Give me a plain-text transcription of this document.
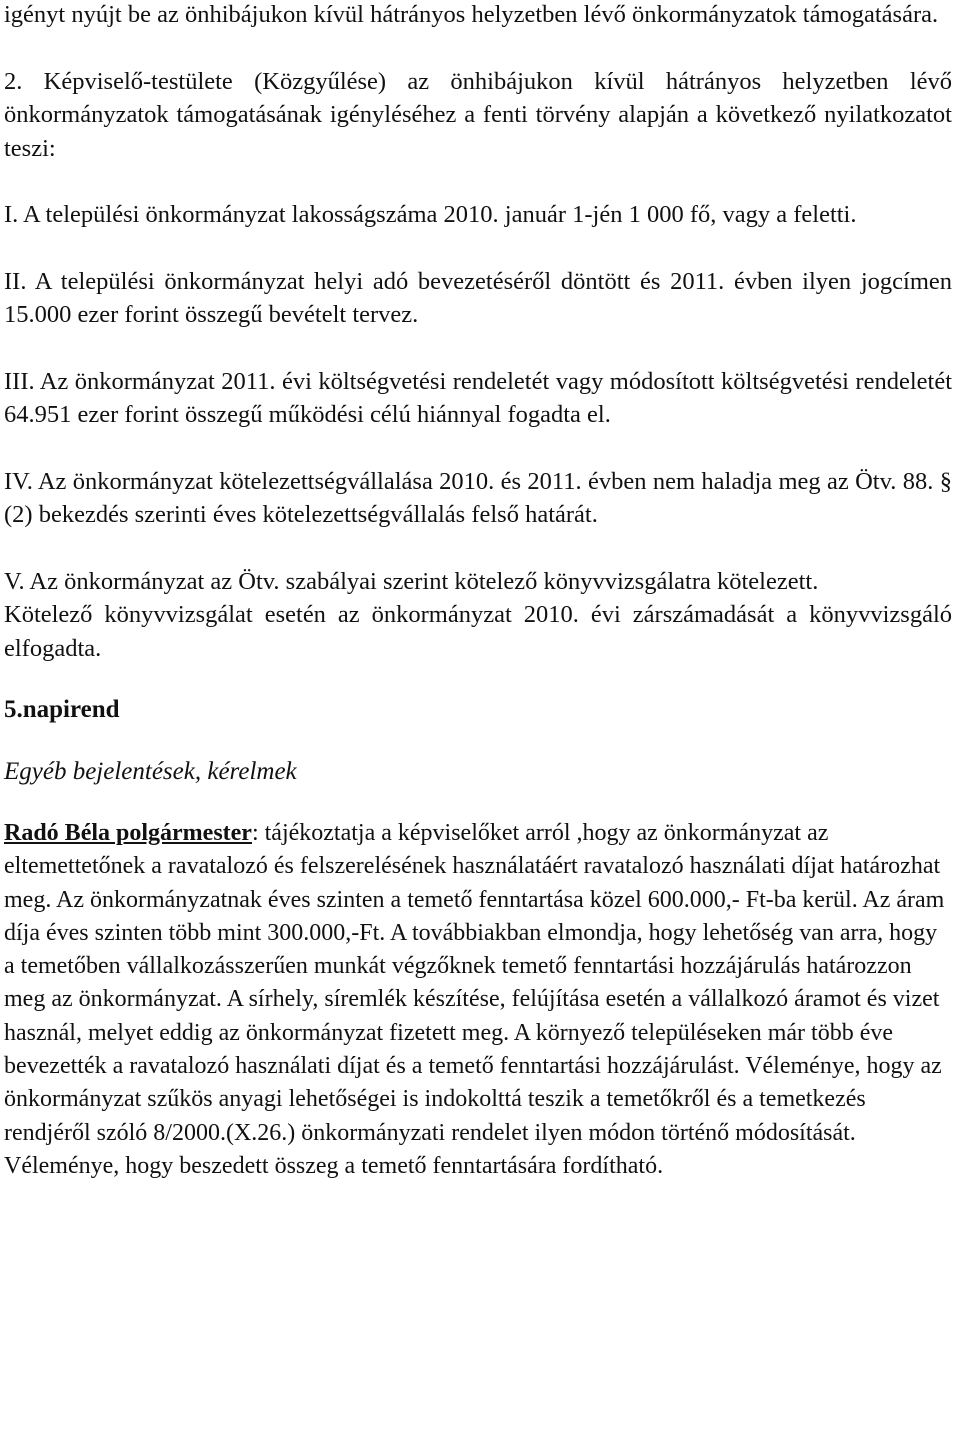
igényt nyújt be az önhibájukon kívül hátrányos helyzetben lévő önkormányzatok támogatására.

2. Képviselő-testülete (Közgyűlése) az önhibájukon kívül hátrányos helyzetben lévő önkormányzatok támogatásának igényléséhez a fenti törvény alapján a következő nyilatkozatot teszi:

I. A települési önkormányzat lakosságszáma 2010. január 1-jén 1 000 fő, vagy a feletti.

II. A települési önkormányzat helyi adó bevezetéséről döntött és 2011. évben ilyen jogcímen 15.000 ezer forint összegű bevételt tervez.

III. Az önkormányzat 2011. évi költségvetési rendeletét vagy módosított költségvetési rendeletét 64.951 ezer forint összegű működési célú hiánnyal fogadta el.

IV. Az önkormányzat kötelezettségvállalása 2010. és 2011. évben nem haladja meg az Ötv. 88. § (2) bekezdés szerinti éves kötelezettségvállalás felső határát.

V. Az önkormányzat az Ötv. szabályai szerint kötelező könyvvizsgálatra kötelezett.

Kötelező könyvvizsgálat esetén az önkormányzat 2010. évi zárszámadását a könyvvizsgáló elfogadta.

5.napirend

Egyéb bejelentések, kérelmek

Radó Béla polgármester: tájékoztatja a képviselőket arról ,hogy az önkormányzat az eltemettetőnek a ravatalozó és felszerelésének használatáért ravatalozó használati díjat határozhat meg. Az önkormányzatnak éves szinten a temető fenntartása közel 600.000,- Ft-ba kerül. Az áram díja éves szinten több mint 300.000,-Ft. A továbbiakban elmondja, hogy lehetőség van arra, hogy a temetőben vállalkozásszerűen munkát végzőknek temető fenntartási hozzájárulás határozzon meg az önkormányzat. A sírhely, síremlék készítése, felújítása esetén a vállalkozó áramot és vizet használ, melyet eddig az önkormányzat fizetett meg. A környező településeken már több éve bevezették a ravatalozó használati díjat és a temető fenntartási hozzájárulást. Véleménye, hogy az önkormányzat szűkös anyagi lehetőségei is indokolttá teszik a temetőkről és a temetkezés rendjéről szóló 8/2000.(X.26.) önkormányzati rendelet ilyen módon történő módosítását. Véleménye, hogy beszedett összeg a temető fenntartására fordítható.
